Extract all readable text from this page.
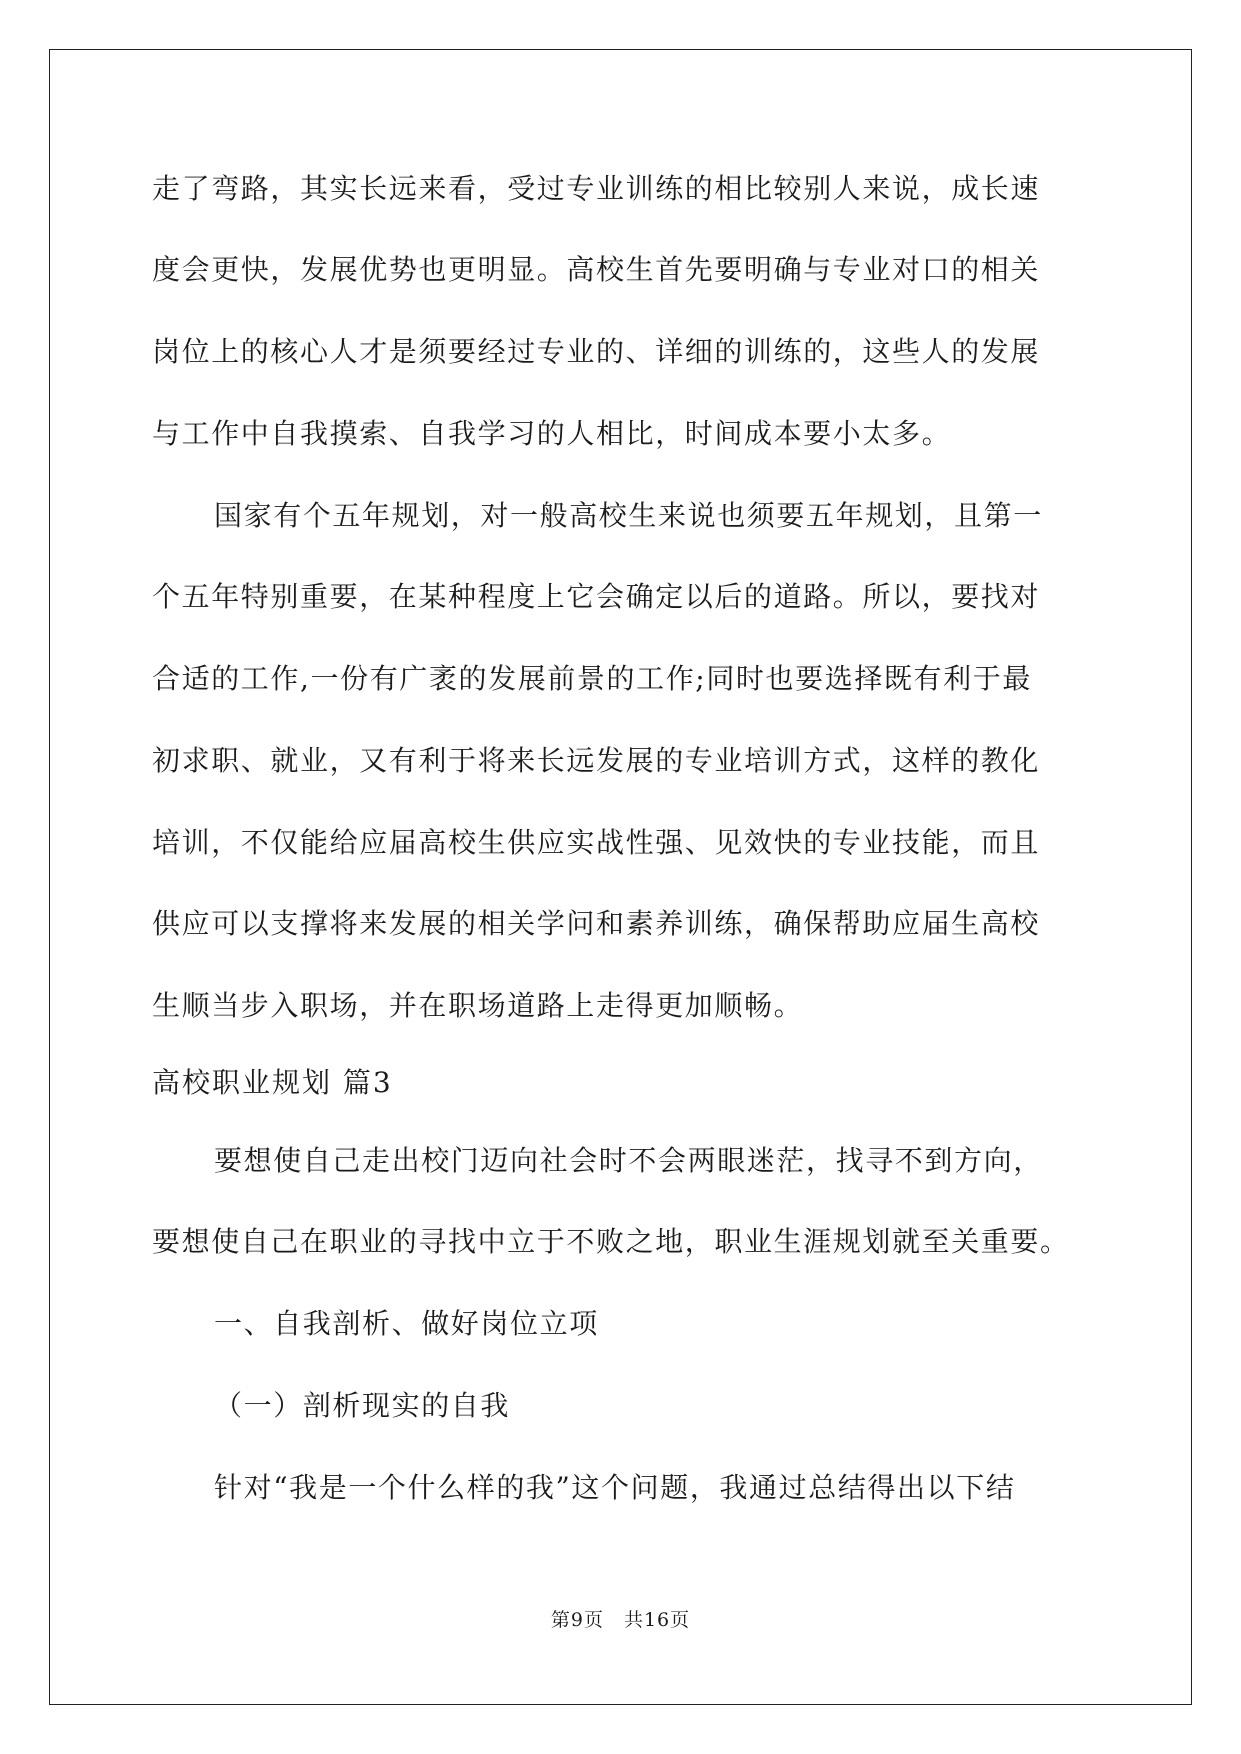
走了弯路，其实长远来看，受过专业训练的相比较别人来说，成长速
度会更快，发展优势也更明显。高校生首先要明确与专业对口的相关
岗位上的核心人才是须要经过专业的、详细的训练的，这些人的发展
与工作中自我摸索、自我学习的人相比，时间成本要小太多。
国家有个五年规划，对一般高校生来说也须要五年规划，且第一
个五年特别重要，在某种程度上它会确定以后的道路。所以，要找对
合适的工作,一份有广袤的发展前景的工作;同时也要选择既有利于最
初求职、就业，又有利于将来长远发展的专业培训方式，这样的教化
培训，不仅能给应届高校生供应实战性强、见效快的专业技能，而且
供应可以支撑将来发展的相关学问和素养训练，确保帮助应届生高校
生顺当步入职场，并在职场道路上走得更加顺畅。
高校职业规划 篇3
要想使自己走出校门迈向社会时不会两眼迷茫，找寻不到方向，
要想使自己在职业的寻找中立于不败之地，职业生涯规划就至关重要。
一、自我剖析、做好岗位立项
（一）剖析现实的自我
针对“我是一个什么样的我”这个问题，我通过总结得出以下结
第9页　共16页
